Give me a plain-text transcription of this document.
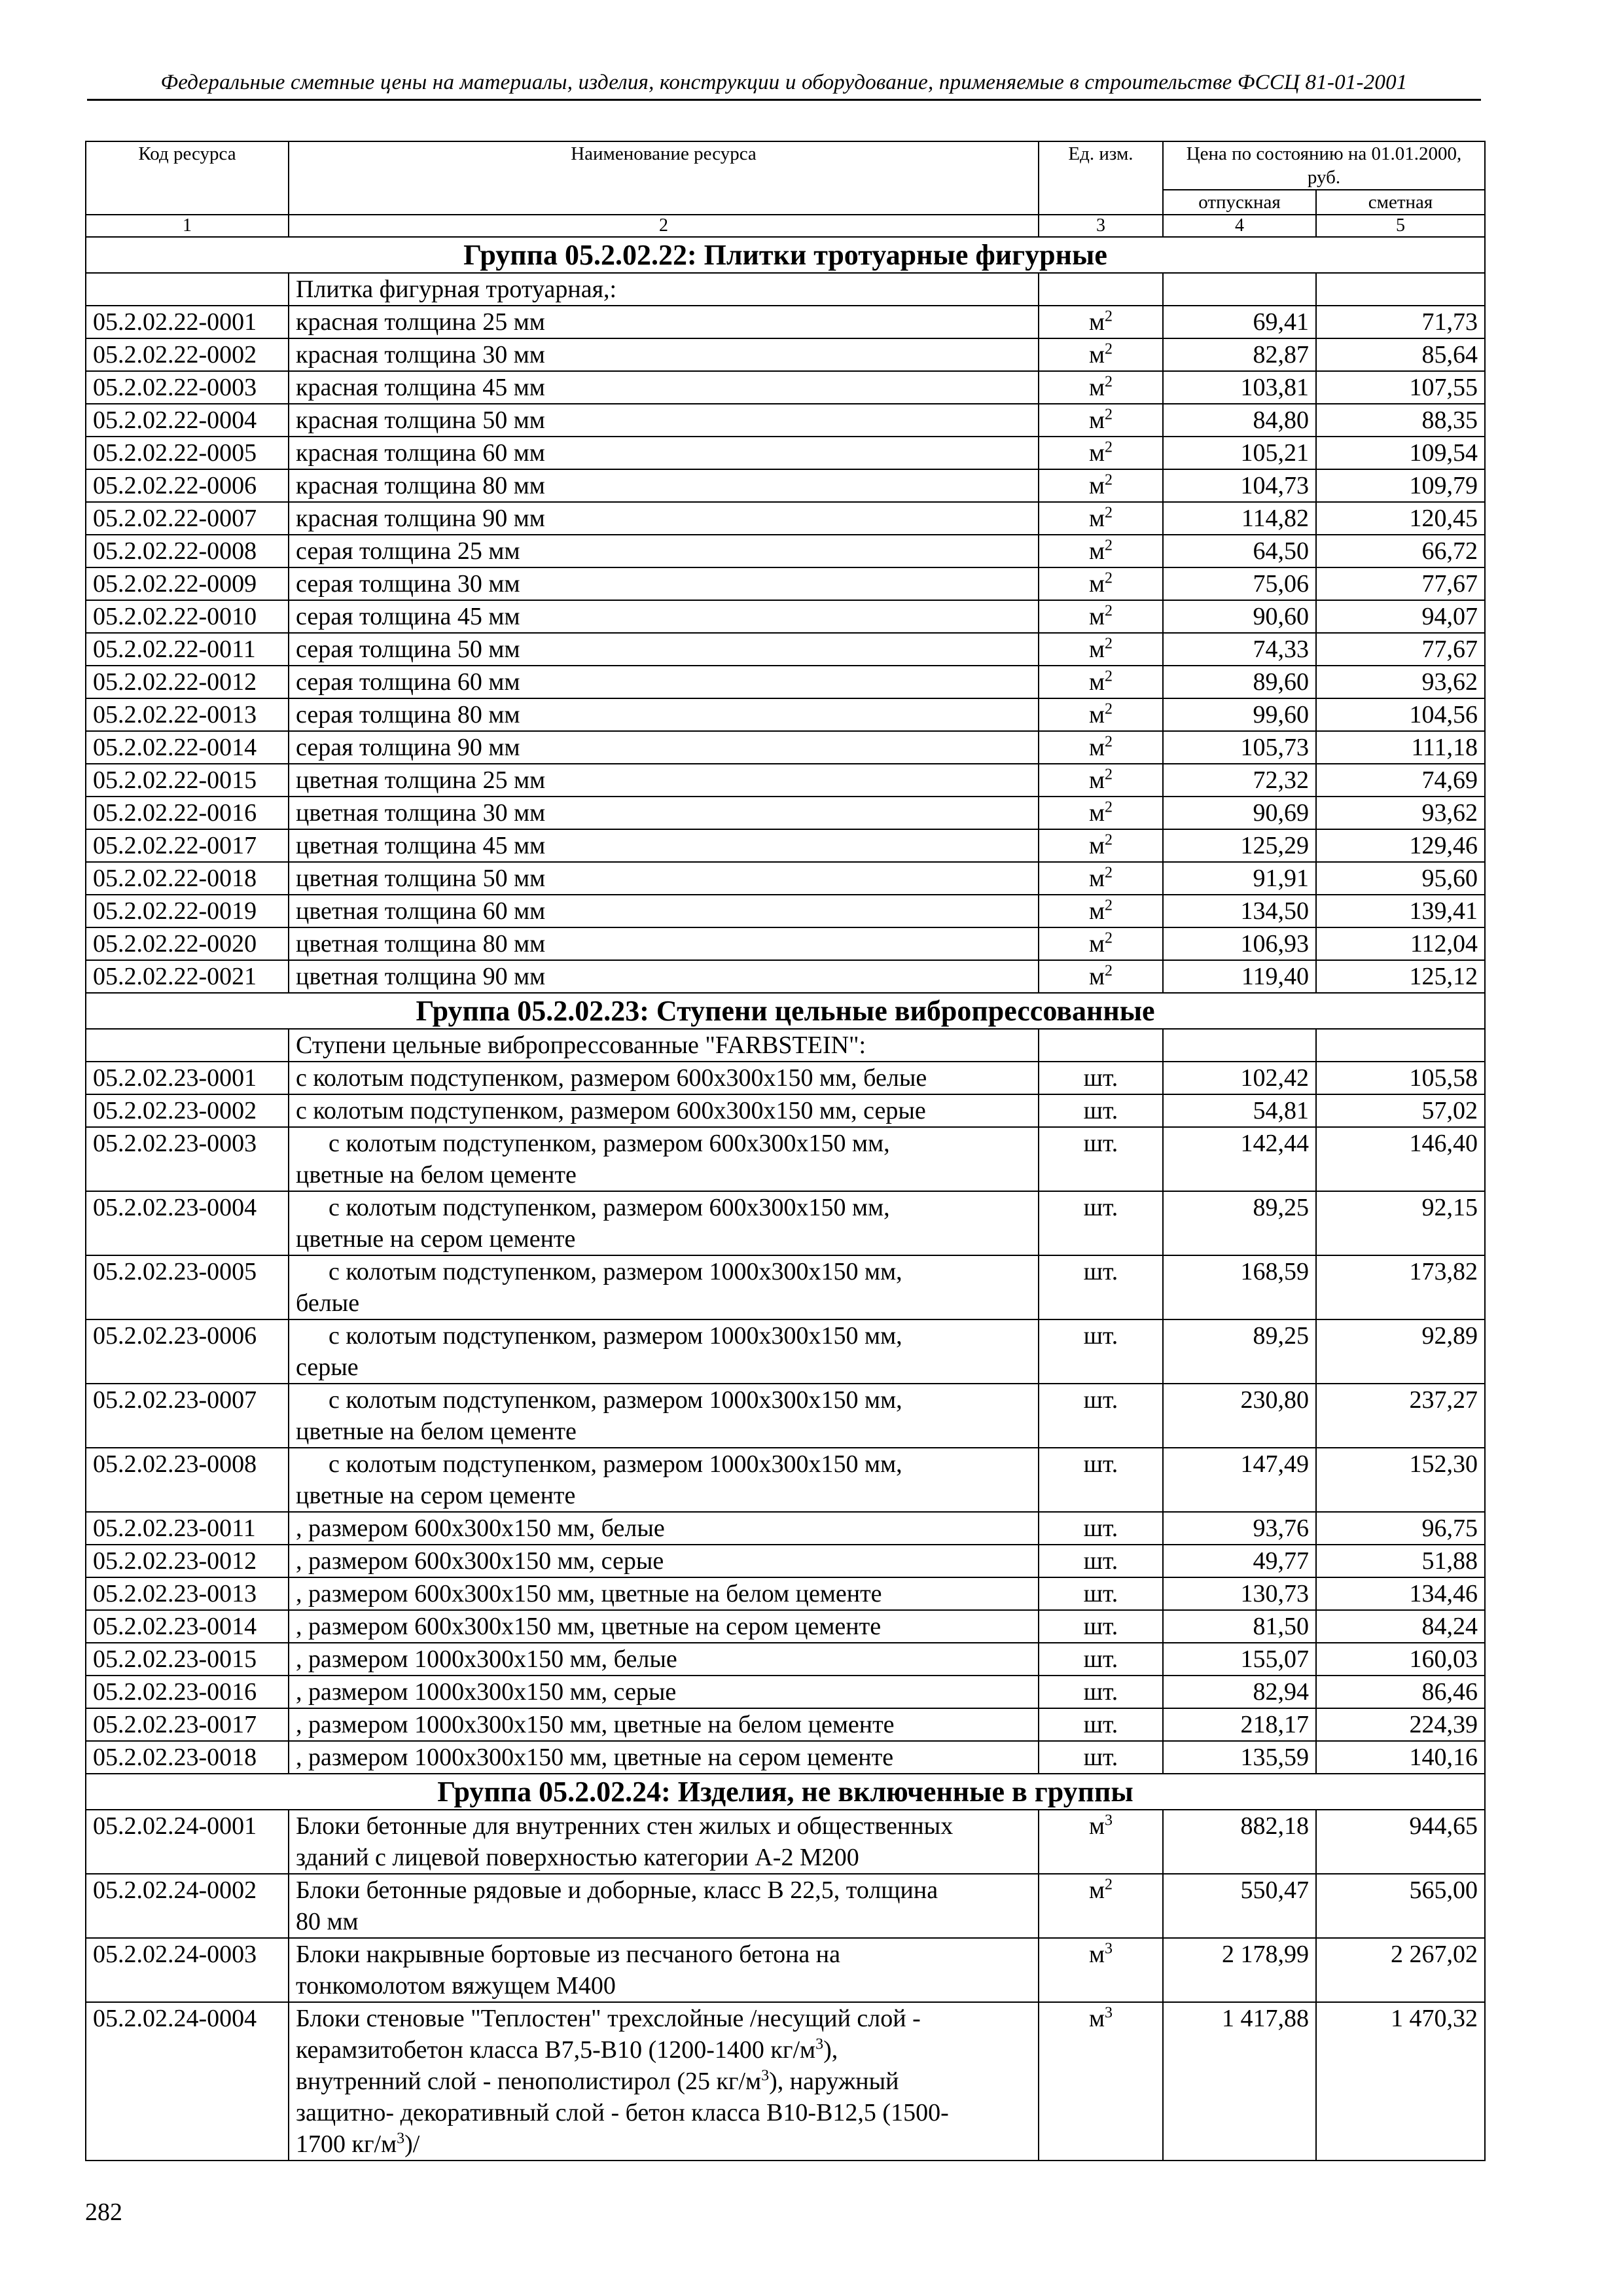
Федеральные сметные цены на материалы, изделия, конструкции и оборудование, применяемые в строительстве ФССЦ 81-01-2001
Код ресурса	Наименование ресурса	Ед. изм.	Цена по состоянию на 01.01.2000, руб.	
			отпускная	сметная
1	2	3	4	5
Группа 05.2.02.22: Плитки тротуарные фигурные				
	Плитка фигурная тротуарная,:			
05.2.02.22-0001	красная толщина 25 мм	$м^2$	69,41	71,73
05.2.02.22-0002	красная толщина 30 мм	$м^2$	82,87	85,64
05.2.02.22-0003	красная толщина 45 мм	$м^2$	103,81	107,55
05.2.02.22-0004	красная толщина 50 мм	$м^2$	84,80	88,35
05.2.02.22-0005	красная толщина 60 мм	$м^2$	105,21	109,54
05.2.02.22-0006	красная толщина 80 мм	$м^2$	104,73	109,79
05.2.02.22-0007	красная толщина 90 мм	$м^2$	114,82	120,45
05.2.02.22-0008	серая толщина 25 мм	$м^2$	64,50	66,72
05.2.02.22-0009	серая толщина 30 мм	$м^2$	75,06	77,67
05.2.02.22-0010	серая толщина 45 мм	$м^2$	90,60	94,07
05.2.02.22-0011	серая толщина 50 мм	$м^2$	74,33	77,67
05.2.02.22-0012	серая толщина 60 мм	$м^2$	89,60	93,62
05.2.02.22-0013	серая толщина 80 мм	$м^2$	99,60	104,56
05.2.02.22-0014	серая толщина 90 мм	$м^2$	105,73	111,18
05.2.02.22-0015	цветная толщина 25 мм	$м^2$	72,32	74,69
05.2.02.22-0016	цветная толщина 30 мм	$м^2$	90,69	93,62
05.2.02.22-0017	цветная толщина 45 мм	$м^2$	125,29	129,46
05.2.02.22-0018	цветная толщина 50 мм	$м^2$	91,91	95,60
05.2.02.22-0019	цветная толщина 60 мм	$м^2$	134,50	139,41
05.2.02.22-0020	цветная толщина 80 мм	$м^2$	106,93	112,04
05.2.02.22-0021	цветная толщина 90 мм	$м^2$	119,40	125,12
Группа 05.2.02.23: Ступени цельные вибропрессованные				
	Ступени цельные вибропрессованные "FARBSTEIN":			
05.2.02.23-0001	с колотым подступенком, размером 600х300х150 мм, белые	шт.	102,42	105,58
05.2.02.23-0002	с колотым подступенком, размером 600х300х150 мм, серые	шт.	54,81	57,02
05.2.02.23-0003	с колотым подступенком, размером 600х300х150 мм,
цветные на белом цементе	шт.	142,44	146,40
05.2.02.23-0004	с колотым подступенком, размером 600х300х150 мм,
цветные на сером цементе	шт.	89,25	92,15
05.2.02.23-0005	с колотым подступенком, размером 1000х300х150 мм,
белые	шт.	168,59	173,82
05.2.02.23-0006	с колотым подступенком, размером 1000х300х150 мм,
серые	шт.	89,25	92,89
05.2.02.23-0007	с колотым подступенком, размером 1000х300х150 мм,
цветные на белом цементе	шт.	230,80	237,27
05.2.02.23-0008	с колотым подступенком, размером 1000х300х150 мм,
цветные на сером цементе	шт.	147,49	152,30
05.2.02.23-0011	, размером 600х300х150 мм, белые	шт.	93,76	96,75
05.2.02.23-0012	, размером 600х300х150 мм, серые	шт.	49,77	51,88
05.2.02.23-0013	, размером 600х300х150 мм, цветные на белом цементе	шт.	130,73	134,46
05.2.02.23-0014	, размером 600х300х150 мм, цветные на сером цементе	шт.	81,50	84,24
05.2.02.23-0015	, размером 1000х300х150 мм, белые	шт.	155,07	160,03
05.2.02.23-0016	, размером 1000х300х150 мм, серые	шт.	82,94	86,46
05.2.02.23-0017	, размером 1000х300х150 мм, цветные на белом цементе	шт.	218,17	224,39
05.2.02.23-0018	, размером 1000х300х150 мм, цветные на сером цементе	шт.	135,59	140,16
Группа 05.2.02.24: Изделия, не включенные в группы				
05.2.02.24-0001	Блоки бетонные для внутренних стен жилых и общественных
зданий с лицевой поверхностью категории А-2 М200	$м^3$	882,18	944,65
05.2.02.24-0002	Блоки бетонные рядовые и доборные, класс В 22,5, толщина
80 мм	$м^2$	550,47	565,00
05.2.02.24-0003	Блоки накрывные бортовые из песчаного бетона на
тонкомолотом вяжущем М400	$м^3$	2 178,99	2 267,02
05.2.02.24-0004	Блоки стеновые "Теплостен" трехслойные /несущий слой -
керамзитобетон класса В7,5-В10 (1200-1400 $кг/м^3$),
внутренний слой - пенополистирол (25 $кг/м^3$), наружный
защитно- декоративный слой - бетон класса В10-В12,5 (1500-
1700 $кг/м^3)/$	$м^3$	1 417,88	1 470,32
282
